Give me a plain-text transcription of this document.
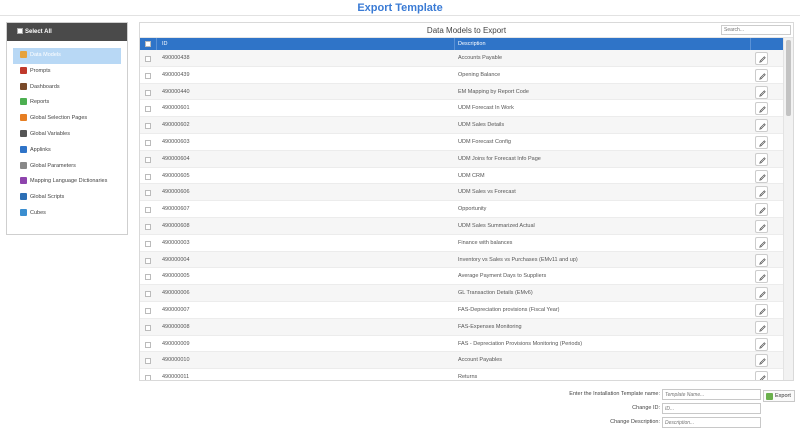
Export Template
Select All
Data Models
Prompts
Dashboards
Reports
Global Selection Pages
Global Variables
Applinks
Global Parameters
Mapping Language Dictionaries
Global Scripts
Cubes
Data Models to Export
Search...
ID	Description
490000438	Accounts Payable
490000439	Opening Balance
490000440	EM Mapping by Report Code
490000601	UDM Forecast In Work
490000602	UDM Sales Details
490000603	UDM Forecast Config
490000604	UDM Joins for Forecast Info Page
490000605	UDM CRM
490000606	UDM Sales vs Forecast
490000607	Opportunity
490000608	UDM Sales Summarized Actual
490000003	Finance with balances
490000004	Inventory vs Sales vs Purchases (EMv11 and up)
490000005	Average Payment Days to Suppliers
490000006	GL Transaction Details (EMv6)
490000007	FAS-Depreciation provisions (Fiscal Year)
490000008	FAS-Expenses Monitoring
490000009	FAS - Depreciation Provisions Monitoring (Periods)
490000010	Account Payables
490000011	Returns
Enter the Installation Template name:
Template Name...	Export
Change ID:
ID...
Change Description:
Description...
